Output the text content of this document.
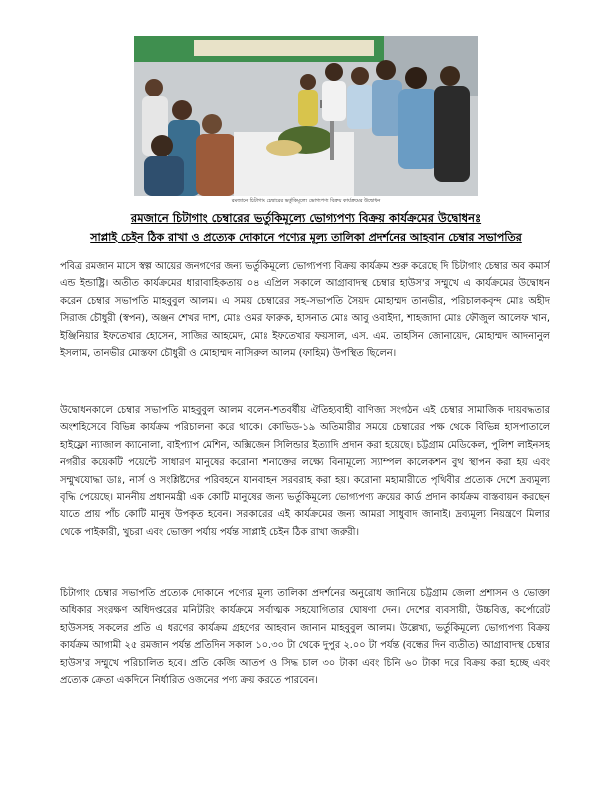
রমজানে চিটাগাং চেম্বারের ভর্তুকিমূল্যে ভোগ্যপণ্য বিক্রয় কার্যক্রমের উদ্বোধন
রমজানে চিটাগাং চেম্বারের ভর্তুকিমূল্যে ভোগ্যপণ্য বিক্রয় কার্যক্রমের উদ্বোধনঃ
সাপ্লাই চেইন ঠিক রাখা ও প্রত্যেক দোকানে পণ্যের মূল্য তালিকা প্রদর্শনের আহবান চেম্বার সভাপতির

পবিত্র রমজান মাসে স্বল্প আয়ের জনগণের জন্য ভর্তুকিমূল্যে ভোগ্যপণ্য বিক্রয় কার্যক্রম শুরু করেছে দি চিটাগাং চেম্বার অব কমার্স এন্ড ইন্ডাষ্ট্রি। অতীত কার্যক্রমের ধারাবাহিকতায় ০৪ এপ্রিল সকালে আগ্রাবাদস্থ চেম্বার হাউস'র সম্মুখে এ কার্যক্রমের উদ্বোধন করেন চেম্বার সভাপতি মাহবুবুল আলম। এ সময় চেম্বারের সহ-সভাপতি সৈয়দ মোহাম্মদ তানভীর, পরিচালকবৃন্দ মোঃ অহীদ সিরাজ চৌধুরী (স্বপন), অঞ্জন শেখর দাশ, মোঃ ওমর ফারুক, হাসনাত মোঃ আবু ওবাইদা, শাহজাদা মোঃ ফৌজুল আলেফ খান, ইঞ্জিনিয়ার ইফতেখার হোসেন, সাজির আহমেদ, মোঃ ইফতেখার ফয়সাল, এস. এম. তাহসিন জোনায়েদ, মোহাম্মদ আদনানুল ইসলাম, তানভীর মোস্তফা চৌধুরী ও মোহাম্মদ নাসিরুল আলম (ফাহিম) উপস্থিত ছিলেন।

উদ্বোধনকালে চেম্বার সভাপতি মাহবুবুল আলম বলেন-শতবর্ষীয় ঐতিহ্যবাহী বাণিজ্য সংগঠন এই চেম্বার সামাজিক দায়বদ্ধতার অংশহিসেবে বিভিন্ন কার্যক্রম পরিচালনা করে থাকে। কোভিড-১৯ অতিমারীর সময়ে চেম্বারের পক্ষ থেকে বিভিন্ন হাসপাতালে হাইফ্লো ন্যাজাল ক্যানোলা, বাইপ্যাপ মেশিন, অক্সিজেন সিলিন্ডার ইত্যাদি প্রদান করা হয়েছে। চট্টগ্রাম মেডিকেল, পুলিশ লাইনসহ নগরীর কয়েকটি পয়েন্টে সাধারণ মানুষের করোনা শনাক্তের লক্ষ্যে বিনামূল্যে স্যাম্পল কালেকশন বুথ স্থাপন করা হয় এবং সম্মুখযোদ্ধা ডাঃ, নার্স ও সংশ্লিষ্টদের পরিবহনে যানবাহন সরবরাহ করা হয়। করোনা মহামারীতে পৃথিবীর প্রত্যেক দেশে দ্রব্যমূল্য বৃদ্ধি পেয়েছে। মাননীয় প্রধানমন্ত্রী এক কোটি মানুষের জন্য ভর্তুকিমূল্যে ভোগ্যপণ্য ক্রয়ের কার্ড প্রদান কার্যক্রম বাস্তবায়ন করছেন যাতে প্রায় পাঁচ কোটি মানুষ উপকৃত হবেন। সরকারের এই কার্যক্রমের জন্য আমরা সাধুবাদ জানাই। দ্রব্যমূল্য নিয়ন্ত্রণে মিলার থেকে পাইকারী, খুচরা এবং ভোক্তা পর্যায় পর্যন্ত সাপ্লাই চেইন ঠিক রাখা জরুরী।

চিটাগাং চেম্বার সভাপতি প্রত্যেক দোকানে পণ্যের মূল্য তালিকা প্রদর্শনের অনুরোধ জানিয়ে চট্টগ্রাম জেলা প্রশাসন ও ভোক্তা অধিকার সংরক্ষণ অধিদপ্তরের মনিটরিং কার্যক্রমে সর্বাত্মক সহযোগিতার ঘোষণা দেন। দেশের ব্যবসায়ী, উচ্চবিত্ত, কর্পোরেট হাউসসহ সকলের প্রতি এ ধরণের কার্যক্রম গ্রহণের আহবান জানান মাহবুবুল আলম। উল্লেখ্য, ভর্তুকিমূল্যে ভোগ্যপণ্য বিক্রয় কার্যক্রম আগামী ২৫ রমজান পর্যন্ত প্রতিদিন সকাল ১০.৩০ টা থেকে দুপুর ২.০০ টা পর্যন্ত (বন্ধের দিন ব্যতীত) আগ্রাবাদস্থ চেম্বার হাউস'র সম্মুখে পরিচালিত হবে। প্রতি কেজি আতপ ও সিদ্ধ চাল ৩০ টাকা এবং চিনি ৬০ টাকা দরে বিক্রয় করা হচ্ছে এবং প্রত্যেক ক্রেতা একদিনে নির্ধারিত ওজনের পণ্য ক্রয় করতে পারবেন।
